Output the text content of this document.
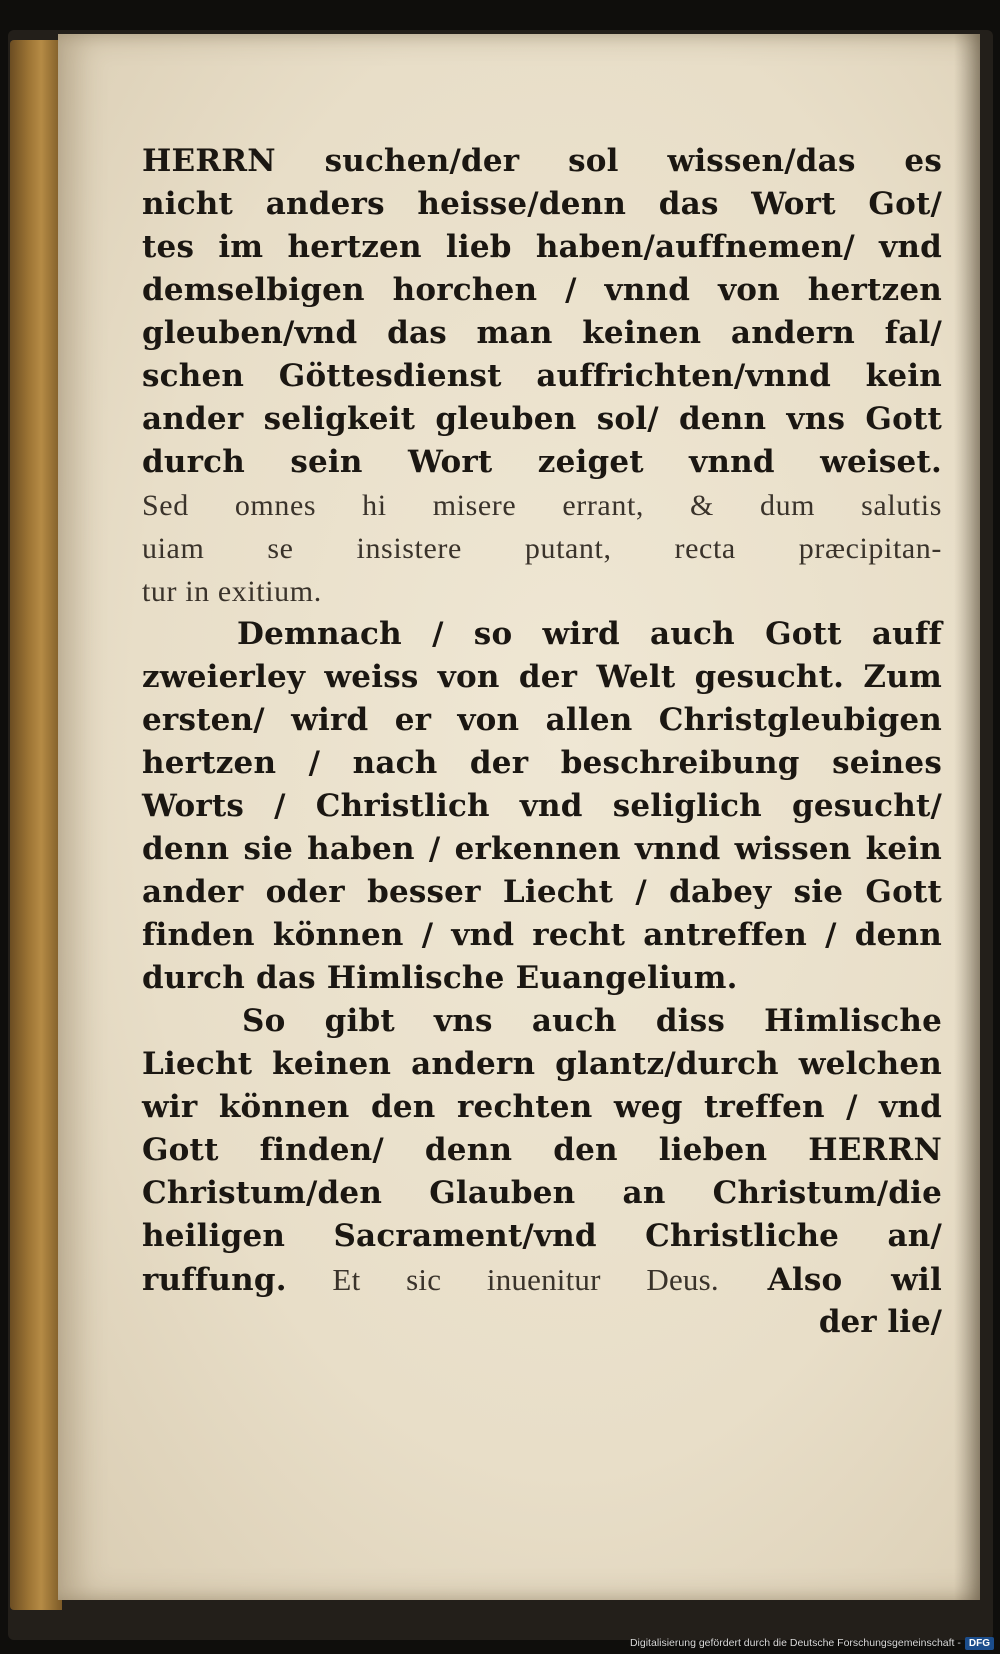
HERRN suchen/der sol wissen/das es
nicht anders heisse/denn das Wort Got/
tes im hertzen lieb haben/auffnemen/ vnd
demselbigen horchen / vnnd von hertzen
gleuben/vnd das man keinen andern fal/
schen Göttesdienst auffrichten/vnnd kein
ander seligkeit gleuben sol/ denn vns Gott
durch sein Wort zeiget vnnd weiset.
Sed omnes hi misere errant, & dum salutis
uiam se insistere putant, recta præcipitan-
tur in exitium.
Demnach / so wird auch Gott auff
zweierley weiss von der Welt gesucht. Zum
ersten/ wird er von allen Christgleubigen
hertzen / nach der beschreibung seines
Worts / Christlich vnd seliglich gesucht/
denn sie haben / erkennen vnnd wissen kein
ander oder besser Liecht / dabey sie Gott
finden können / vnd recht antreffen / denn
durch das Himlische Euangelium.
So gibt vns auch diss Himlische
Liecht keinen andern glantz/durch welchen
wir können den rechten weg treffen / vnd
Gott finden/ denn den lieben HERRN
Christum/den Glauben an Christum/die
heiligen Sacrament/vnd Christliche an/
ruffung. Et sic inuenitur Deus. Also wil
der lie/
Digitalisierung gefördert durch die Deutsche Forschungsgemeinschaft - DFG
